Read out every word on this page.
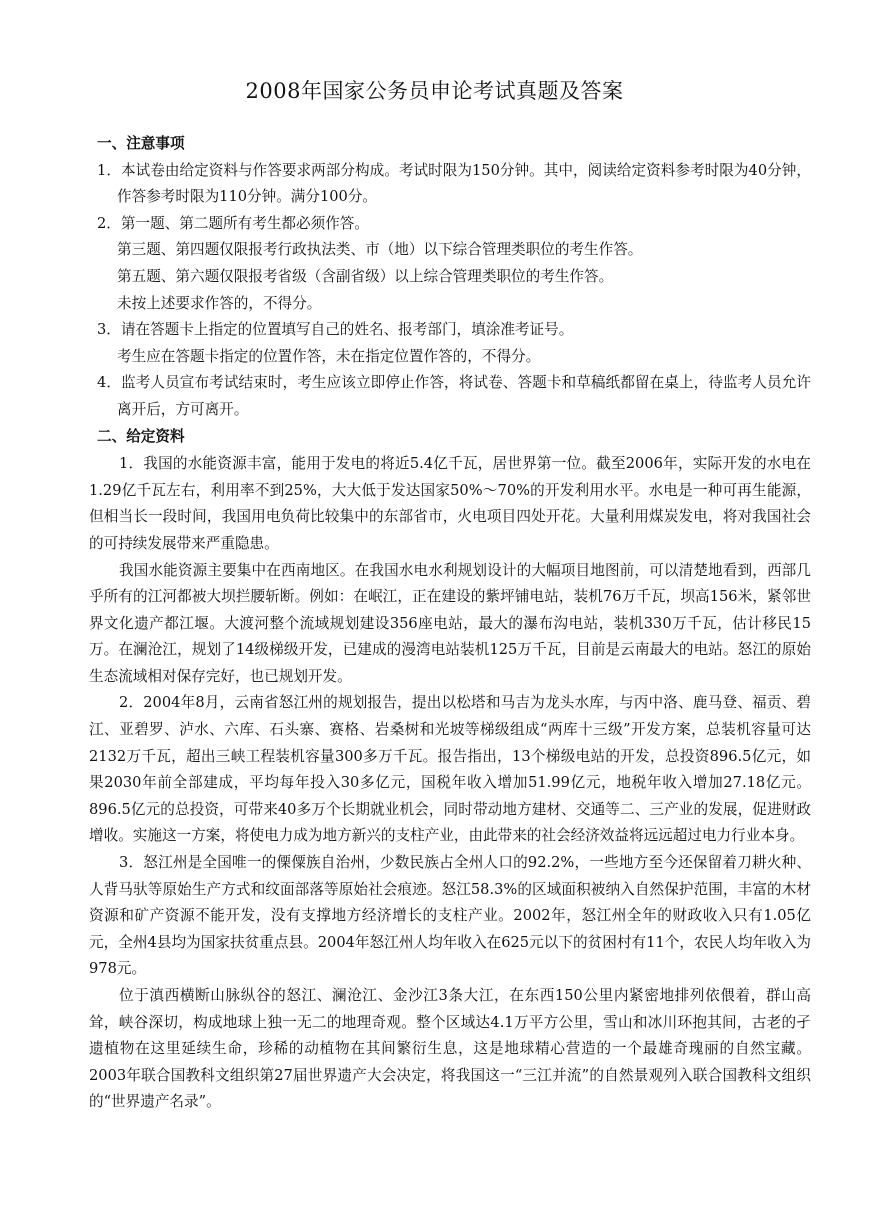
2008年国家公务员申论考试真题及答案

一、注意事项

1．本试卷由给定资料与作答要求两部分构成。考试时限为150分钟。其中，阅读给定资料参考时限为40分钟，作答参考时限为110分钟。满分100分。

2．第一题、第二题所有考生都必须作答。

第三题、第四题仅限报考行政执法类、市（地）以下综合管理类职位的考生作答。

第五题、第六题仅限报考省级（含副省级）以上综合管理类职位的考生作答。

未按上述要求作答的，不得分。

3．请在答题卡上指定的位置填写自己的姓名、报考部门，填涂准考证号。

考生应在答题卡指定的位置作答，未在指定位置作答的，不得分。

4．监考人员宣布考试结束时，考生应该立即停止作答，将试卷、答题卡和草稿纸都留在桌上，待监考人员允许离开后，方可离开。

二、给定资料

1．我国的水能资源丰富，能用于发电的将近5.4亿千瓦，居世界第一位。截至2006年，实际开发的水电在1.29亿千瓦左右，利用率不到25%，大大低于发达国家50%～70%的开发利用水平。水电是一种可再生能源，但相当长一段时间，我国用电负荷比较集中的东部省市，火电项目四处开花。大量利用煤炭发电，将对我国社会的可持续发展带来严重隐患。

我国水能资源主要集中在西南地区。在我国水电水利规划设计的大幅项目地图前，可以清楚地看到，西部几乎所有的江河都被大坝拦腰斩断。例如：在岷江，正在建设的紫坪铺电站，装机76万千瓦，坝高156米，紧邻世界文化遗产都江堰。大渡河整个流域规划建设356座电站，最大的瀑布沟电站，装机330万千瓦，估计移民15万。在澜沧江，规划了14级梯级开发，已建成的漫湾电站装机125万千瓦，目前是云南最大的电站。怒江的原始生态流域相对保存完好，也已规划开发。

2．2004年8月，云南省怒江州的规划报告，提出以松塔和马吉为龙头水库，与丙中洛、鹿马登、福贡、碧江、亚碧罗、泸水、六库、石头寨、赛格、岩桑树和光坡等梯级组成“两库十三级”开发方案，总装机容量可达2132万千瓦，超出三峡工程装机容量300多万千瓦。报告指出，13个梯级电站的开发，总投资896.5亿元，如果2030年前全部建成，平均每年投入30多亿元，国税年收入增加51.99亿元，地税年收入增加27.18亿元。896.5亿元的总投资，可带来40多万个长期就业机会，同时带动地方建材、交通等二、三产业的发展，促进财政增收。实施这一方案，将使电力成为地方新兴的支柱产业，由此带来的社会经济效益将远远超过电力行业本身。

3．怒江州是全国唯一的傈僳族自治州，少数民族占全州人口的92.2%，一些地方至今还保留着刀耕火种、人背马驮等原始生产方式和纹面部落等原始社会痕迹。怒江58.3%的区域面积被纳入自然保护范围，丰富的木材资源和矿产资源不能开发，没有支撑地方经济增长的支柱产业。2002年，怒江州全年的财政收入只有1.05亿元，全州4县均为国家扶贫重点县。2004年怒江州人均年收入在625元以下的贫困村有11个，农民人均年收入为978元。

位于滇西横断山脉纵谷的怒江、澜沧江、金沙江3条大江，在东西150公里内紧密地排列依偎着，群山高耸，峡谷深切，构成地球上独一无二的地理奇观。整个区域达4.1万平方公里，雪山和冰川环抱其间，古老的孑遗植物在这里延续生命，珍稀的动植物在其间繁衍生息，这是地球精心营造的一个最雄奇瑰丽的自然宝藏。2003年联合国教科文组织第27届世界遗产大会决定，将我国这一“三江并流”的自然景观列入联合国教科文组织的“世界遗产名录”。
